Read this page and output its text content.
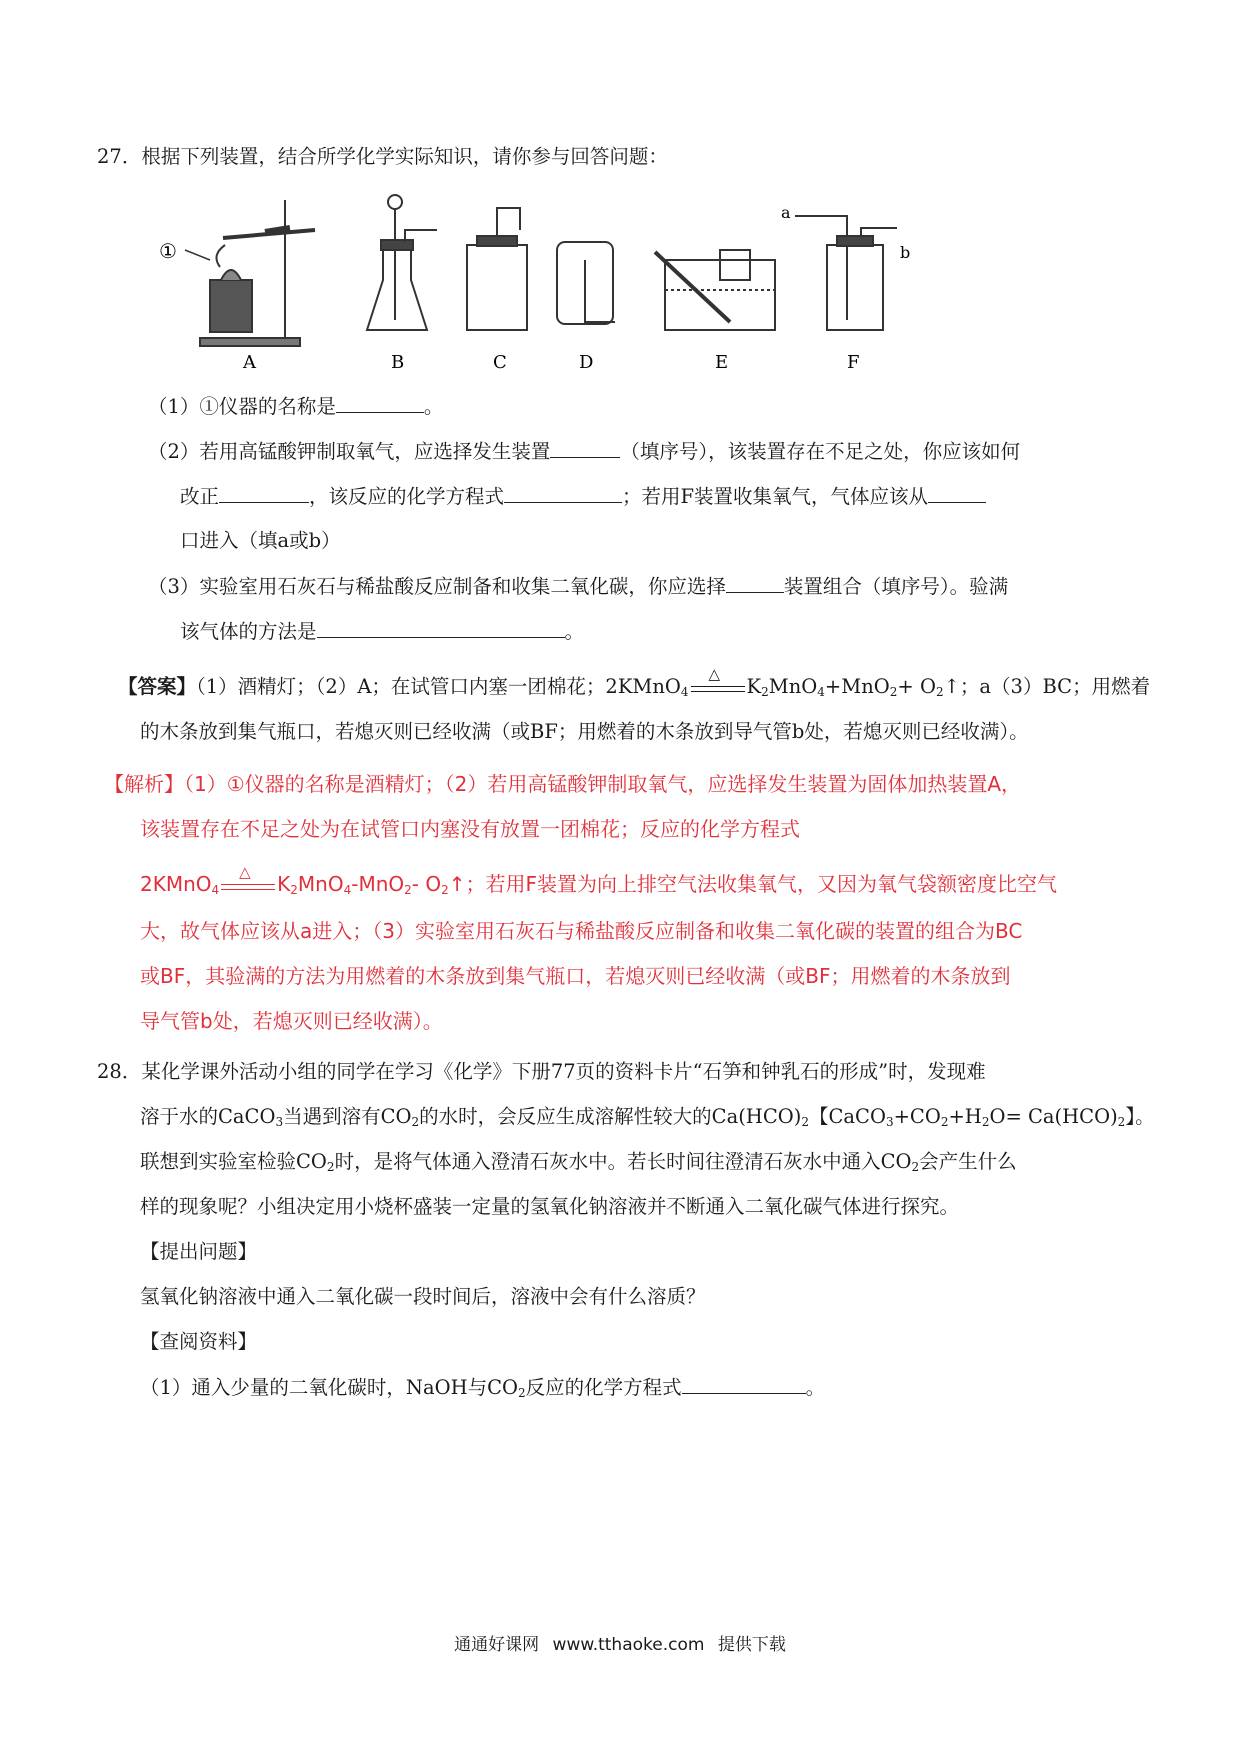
27．根据下列装置，结合所学化学实际知识，请你参与回答问题：
A	B	C	D	E	F
①
a
b
（1）①仪器的名称是	。
（2）若用高锰酸钾制取氧气，应选择发生装置	（填序号），该装置存在不足之处，你应该如何
改正	，该反应的化学方程式	；若用F装置收集氧气，气体应该从
口进入（填a或b）
（3）实验室用石灰石与稀盐酸反应制备和收集二氧化碳，你应选择	装置组合（填序号）。验满
该气体的方法是	。
【答案】（1）酒精灯；（2）A；在试管口内塞一团棉花；2KMnO$_4$
△
$K_2MnO_4+MnO_2+$ $O_2↑$；a（3）BC；用燃着
的木条放到集气瓶口，若熄灭则已经收满（或BF；用燃着的木条放到导气管b处，若熄灭则已经收满）。
【解析】（1）①仪器的名称是酒精灯；（2）若用高锰酸钾制取氧气，应选择发生装置为固体加热装置A，
该装置存在不足之处为在试管口内塞没有放置一团棉花；反应的化学方程式
2KMnO$_4$
△
$K_2MnO_4-MnO_2-$ $O_2↑$；若用F装置为向上排空气法收集氧气，又因为氧气袋额密度比空气
大，故气体应该从a进入；（3）实验室用石灰石与稀盐酸反应制备和收集二氧化碳的装置的组合为BC
或BF，其验满的方法为用燃着的木条放到集气瓶口，若熄灭则已经收满（或BF；用燃着的木条放到
导气管b处，若熄灭则已经收满）。
28．某化学课外活动小组的同学在学习《化学》下册77页的资料卡片“石笋和钟乳石的形成”时，发现难
溶于水的CaCO$_3$当遇到溶有$CO_2$的水时，会反应生成溶解性较大的$Ca(HCO)_2$【$CaCO_3+CO_2+H_2O= Ca(HCO)_2$】。
联想到实验室检验$CO_2$时，是将气体通入澄清石灰水中。若长时间往澄清石灰水中通入$CO_2$会产生什么
样的现象呢？小组决定用小烧杯盛装一定量的氢氧化钠溶液并不断通入二氧化碳气体进行探究。
【提出问题】
氢氧化钠溶液中通入二氧化碳一段时间后，溶液中会有什么溶质？
【查阅资料】
（1）通入少量的二氧化碳时，NaOH与$CO_2$反应的化学方程式	。
通通好课网 www.tthaoke.com 提供下载
